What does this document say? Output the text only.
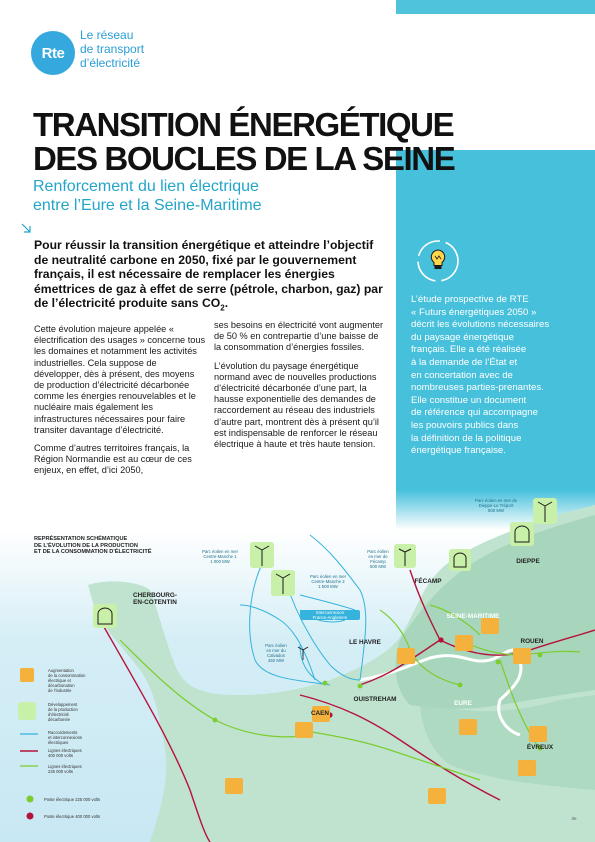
Rte
Le réseau
de transport
d’électricité
TRANSITION ÉNERGÉTIQUE
DES BOUCLES DE LA SEINE
Renforcement du lien électrique
entre l’Eure et la Seine-Maritime
Pour réussir la transition énergétique et atteindre l’objectif de neutralité carbone en 2050, fixé par le gouvernement français, il est nécessaire de remplacer les énergies émettrices de gaz à effet de serre (pétrole, charbon, gaz) par de l’électricité produite sans $CO_2$.

Cette évolution majeure appelée « électrification des usages » concerne tous les domaines et notamment les activités industrielles. Cela suppose de développer, dès à présent, des moyens de production d’électricité décarbonée comme les énergies renouvelables et le nucléaire mais également les infrastructures nécessaires pour faire transiter davantage d’électricité.

Comme d’autres territoires français, la Région Normandie est au cœur de ces enjeux, en effet, d’ici 2050,

ses besoins en électricité vont augmenter de 50 % en contrepartie d’une baisse de la consommation d’énergies fossiles.

L’évolution du paysage énergétique normand avec de nouvelles productions d’électricité décarbonée d’une part, la hausse exponentielle des demandes de raccordement au réseau des industriels d’autre part, montrent dès à présent qu’il est indispensable de renforcer le réseau électrique à haute et très haute tension.

L’étude prospective de RTE
« Futurs énergétiques 2050 »
décrit les évolutions nécessaires
du paysage énergétique
français. Elle a été réalisée
à la demande de l’État et
en concertation avec de
nombreuses parties-prenantes.
Elle constitue un document
de référence qui accompagne
les pouvoirs publics dans
la définition de la politique
énergétique française.
REPRÉSENTATION SCHÉMATIQUE
DE L’ÉVOLUTION DE LA PRODUCTION
ET DE LA CONSOMMATION D’ÉLECTRICITÉ
Augmentation
de la consommation
électrique et
décarbonation
de l’industrie
Développement
de la production
d’électricité
décarbonée
Raccordements
et interconnexions
électriques
Lignes électriques
400 000 volts
Lignes électriques
225 000 volts
Poste électrique 225 000 volts
Poste électrique 400 000 volts
CHERBOURG-
EN-COTENTIN
LE HAVRE
FÉCAMP
DIEPPE
ROUEN
CAEN
OUISTREHAM
ÉVREUX
SEINE-MARITIME
EURE
Parc éolien en mer
Centre-Manche 1
1 000 MW
Parc éolien en mer
Centre-Manche 2
1 500 MW
Parc éolien
en mer de
Fécamp
500 MW
Parc éolien
en mer du
Calvados
450 MW
Parc éolien en mer de
Dieppe-Le Tréport
500 MW
Interconnexion
France-Angleterre
rte
